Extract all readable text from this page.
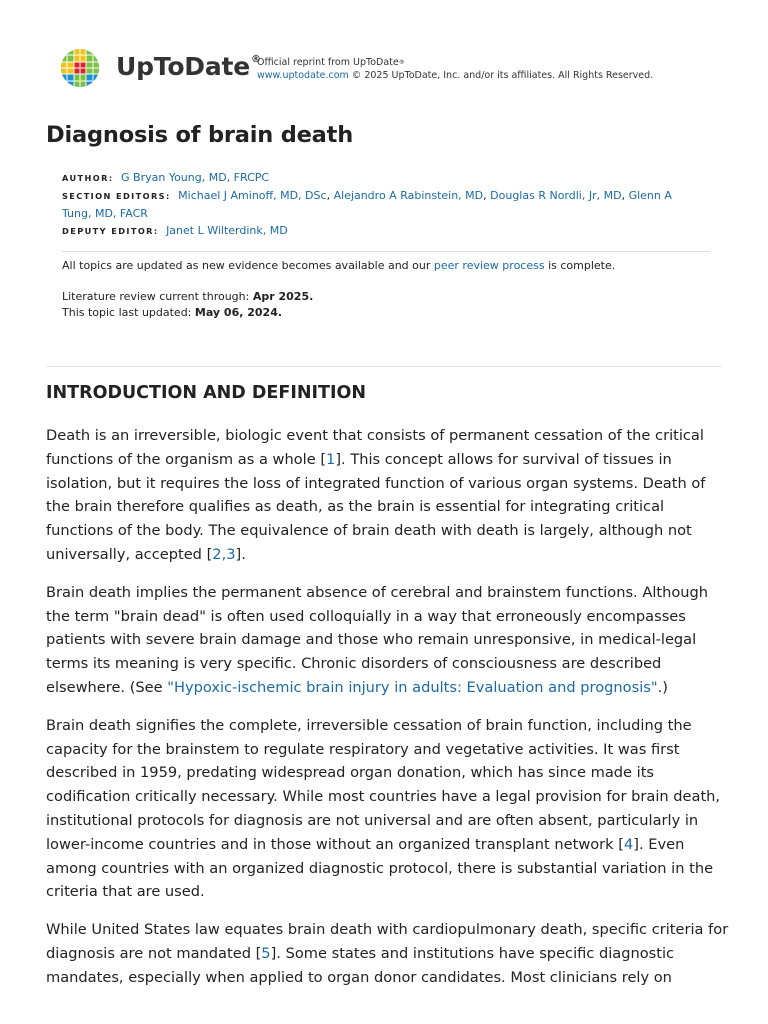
UpToDate®
Official reprint from UpToDate®
www.uptodate.com © 2025 UpToDate, Inc. and/or its affiliates. All Rights Reserved.
Diagnosis of brain death
AUTHOR: G Bryan Young, MD, FRCPC
SECTION EDITORS: Michael J Aminoff, MD, DSc, Alejandro A Rabinstein, MD, Douglas R Nordli, Jr, MD, Glenn A Tung, MD, FACR
DEPUTY EDITOR: Janet L Wilterdink, MD
All topics are updated as new evidence becomes available and our peer review process is complete.
Literature review current through: Apr 2025.
This topic last updated: May 06, 2024.
INTRODUCTION AND DEFINITION

Death is an irreversible, biologic event that consists of permanent cessation of the critical functions of the organism as a whole [1]. This concept allows for survival of tissues in isolation, but it requires the loss of integrated function of various organ systems. Death of the brain therefore qualifies as death, as the brain is essential for integrating critical functions of the body. The equivalence of brain death with death is largely, although not universally, accepted [2,3].

Brain death implies the permanent absence of cerebral and brainstem functions. Although the term "brain dead" is often used colloquially in a way that erroneously encompasses patients with severe brain damage and those who remain unresponsive, in medical-legal terms its meaning is very specific. Chronic disorders of consciousness are described elsewhere. (See "Hypoxic-ischemic brain injury in adults: Evaluation and prognosis".)

Brain death signifies the complete, irreversible cessation of brain function, including the capacity for the brainstem to regulate respiratory and vegetative activities. It was first described in 1959, predating widespread organ donation, which has since made its codification critically necessary. While most countries have a legal provision for brain death, institutional protocols for diagnosis are not universal and are often absent, particularly in lower-income countries and in those without an organized transplant network [4]. Even among countries with an organized diagnostic protocol, there is substantial variation in the criteria that are used.

While United States law equates brain death with cardiopulmonary death, specific criteria for diagnosis are not mandated [5]. Some states and institutions have specific diagnostic mandates, especially when applied to organ donor candidates. Most clinicians rely on
